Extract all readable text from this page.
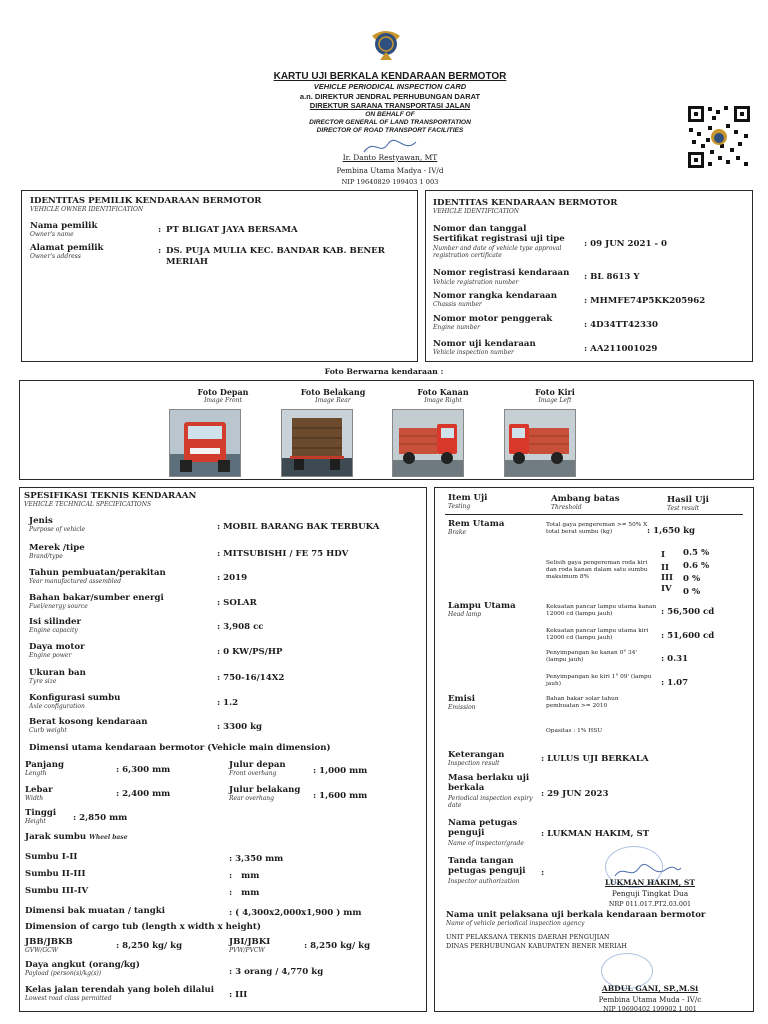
KARTU UJI BERKALA KENDARAAN BERMOTOR
VEHICLE PERIODICAL INSPECTION CARD
a.n. DIREKTUR JENDRAL PERHUBUNGAN DARAT
DIREKTUR SARANA TRANSPORTASI JALAN
ON BEHALF OF
DIRECTOR GENERAL OF LAND TRANSPORTATION
DIRECTOR OF ROAD TRANSPORT FACILITIES
Ir. Danto Restyawan, MT
Pembina Utama Madya - IV/d
NIP 19640829 199403 1 003
IDENTITAS PEMILIK KENDARAAN BERMOTOR
VEHICLE OWNER IDENTIFICATION
Nama pemilik
Owner's name	: PT BLIGAT JAYA BERSAMA
Alamat pemilik
Owner's address
: DS. PUJA MULIA KEC. BANDAR KAB. BENER MERIAH
IDENTITAS KENDARAAN BERMOTOR
VEHICLE IDENTIFICATION
Nomor dan tanggal Sertifikat registrasi uji tipe
Number and date of vehicle type approval registration certificate
: 09 JUN 2021 - 0
Nomor registrasi kendaraan
Vehicle registration number
: BL 8613 Y
Nomor rangka kendaraan
Chassis number	: MHMFE74P5KK205962
Nomor motor penggerak
Engine number	: 4D34TT42330
Nomor uji kendaraan
Vehicle inspection number	: AA211001029
Foto Berwarna kendaraan :
Foto Depan
Image Front
Foto Belakang
Image Rear
Foto Kanan
Image Right
Foto Kiri
Image Left
SPESIFIKASI TEKNIS KENDARAAN
VEHICLE TECHNICAL SPECIFICATIONS
Jenis
Purpose of vehicle	: MOBIL BARANG BAK TERBUKA
Merek /tipe
Brand/type	: MITSUBISHI / FE 75 HDV
Tahun pembuatan/perakitan
Year manufactured assembled	: 2019
Bahan bakar/sumber energi
Fuel/energy source	: SOLAR
Isi silinder
Engine capacity	: 3,908 cc
Daya motor
Engine power	: 0 KW/PS/HP
Ukuran ban
Tyre size	: 750-16/14X2
Konfigurasi sumbu
Axle configuration	: 1.2
Berat kosong kendaraan
Curb weight	: 3300 kg
Dimensi utama kendaraan bermotor (Vehicle main dimension)
Panjang
Length	: 6,300 mm	Julur depan
Front overhang	: 1,000 mm
Lebar
Width	: 2,400 mm	Julur belakang
Rear overhang	: 1,600 mm
Tinggi
Height	: 2,850 mm
Jarak sumbu Wheel base
Sumbu I-II	: 3,350 mm
Sumbu II-III	:   mm
Sumbu III-IV	:   mm
Dimensi bak muatan / tangki	: ( 4,300x2,000x1,900 ) mm
Dimension of cargo tub (length x width x height)
JBB/JBKB
GVW/GCW	: 8,250 kg/ kg	JBI/JBKI
PVW/PVCW	: 8,250 kg/ kg
Daya angkut (orang/kg)
Payload (person(s)/kg(s))	: 3 orang / 4,770 kg
Kelas jalan terendah yang boleh dilalui
Lowest road class permitted	: III
Item Uji
Testing
Ambang batas
Threshold
Hasil Uji
Test result
Rem Utama
Brake
Total gaya pengereman >= 50% X total berat sumbu (kg)	: 1,650 kg
Selisih gaya pengereman roda kiri dan roda kanan dalam satu sumbu maksimum 8%
I 0.5 %
II 0.6 %
III 0 %
IV 0 %
Lampu Utama
Head lamp
Kekuatan pancar lampu utama kanan 12000 cd (lampu jauh)	: 56,500 cd
Kekuatan pancar lampu utama kiri 12000 cd (lampu jauh)	: 51,600 cd
Penyimpangan ke kanan 0° 34' (lampu jauh)	: 0.31
Penyimpangan ke kiri 1° 09' (lampu jauh)	: 1.07
Emisi
Emission
Bahan bakar solar tahun pembuatan >= 2010
Opasitas : 1% HSU
Keterangan
Inspection result	: LULUS UJI BERKALA
Masa berlaku uji berkala
Periodical inspection expiry date
: 29 JUN 2023
Nama petugas penguji
Name of inspector/grade
: LUKMAN HAKIM, ST
Tanda tangan petugas penguji
Inspector authorization
:
LUKMAN HAKIM, ST
Penguji Tingkat Dua
NRP 011.017.PT2.03.001
Nama unit pelaksana uji berkala kendaraan bermotor
Name of vehicle periodical inspection agency
UNIT PELAKSANA TEKNIS DAERAH PENGUJIAN
DINAS PERHUBUNGAN KABUPATEN BENER MERIAH
ABDUL GANI, SP.,M.Si
Pembina Utama Muda - IV/c
NIP 19690402 199902 1 001
